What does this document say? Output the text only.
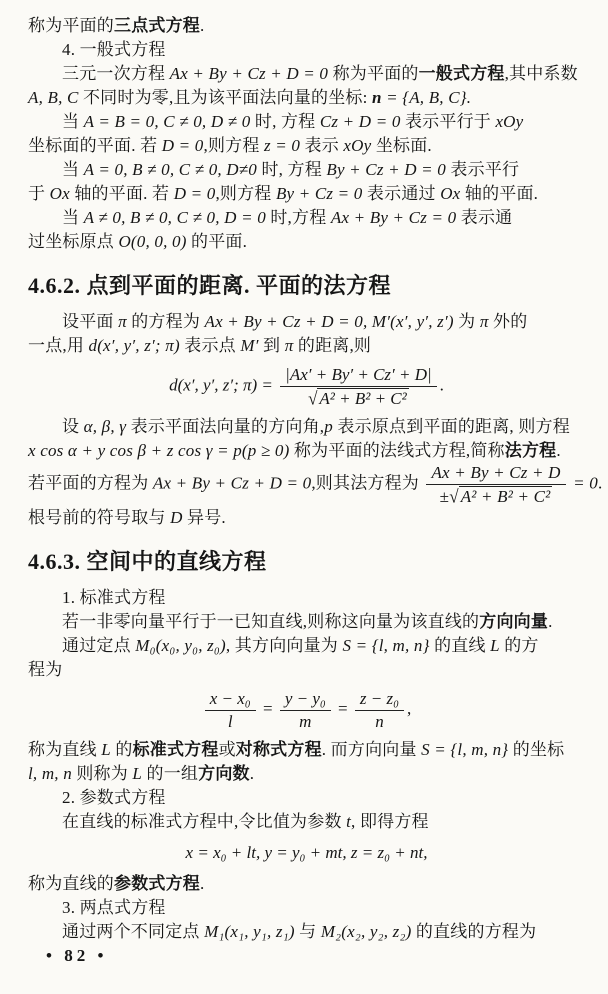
称为平面的三点式方程.
4. 一般式方程
三元一次方程 Ax + By + Cz + D = 0 称为平面的一般式方程,其中系数
A, B, C 不同时为零,且为该平面法向量的坐标: n = {A, B, C}.
当 A = B = 0, C ≠ 0, D ≠ 0 时, 方程 Cz + D = 0 表示平行于 xOy
坐标面的平面. 若 D = 0,则方程 z = 0 表示 xOy 坐标面.
当 A = 0, B ≠ 0, C ≠ 0, D≠0 时, 方程 By + Cz + D = 0 表示平行
于 Ox 轴的平面. 若 D = 0,则方程 By + Cz = 0 表示通过 Ox 轴的平面.
当 A ≠ 0, B ≠ 0, C ≠ 0, D = 0 时,方程 Ax + By + Cz = 0 表示通
过坐标原点 O(0, 0, 0) 的平面.
4.6.2. 点到平面的距离. 平面的法方程
设平面 π 的方程为 Ax + By + Cz + D = 0, M′(x′, y′, z′) 为 π 外的
一点,用 d(x′, y′, z′; π) 表示点 M′ 到 π 的距离,则
d(x′, y′, z′; $\pi) = \frac{|Ax' + By' + Cz' + D|}{\text{√ A² + B² + C²}}$ .
设 α, β, γ 表示平面法向量的方向角,p 表示原点到平面的距离, 则方程
x cos α + y cos β + z cos γ = p(p ≥ 0) 称为平面的法线式方程,简称法方程.
若平面的方程为 Ax + By + Cz + D = 0,则其法方程为 $\frac{Ax + By + Cz + D}{\text{±√ A² + B² + C²}} = 0$.
根号前的符号取与 D 异号.
4.6.3. 空间中的直线方程
1. 标准式方程
若一非零向量平行于一已知直线,则称这向量为该直线的方向向量.
通过定点 M₀(x₀, y₀, z₀), 其方向向量为 S = {l, m, n} 的直线 L 的方
程为
$\frac{\text{x − x₀}}{l} = \frac{\text{y − y₀}}{m} = \frac{\text{z − z₀}}{n}$ ,
称为直线 L 的标准式方程或对称式方程. 而方向向量 S = {l, m, n} 的坐标
l, m, n 则称为 L 的一组方向数.
2. 参数式方程
在直线的标准式方程中,令比值为参数 t, 即得方程
x = x₀ + lt, y = y₀ + mt, z = z₀ + nt,
称为直线的参数式方程.
3. 两点式方程
通过两个不同定点 M₁(x₁, y₁, z₁) 与 M₂(x₂, y₂, z₂) 的直线的方程为
• 82 •
